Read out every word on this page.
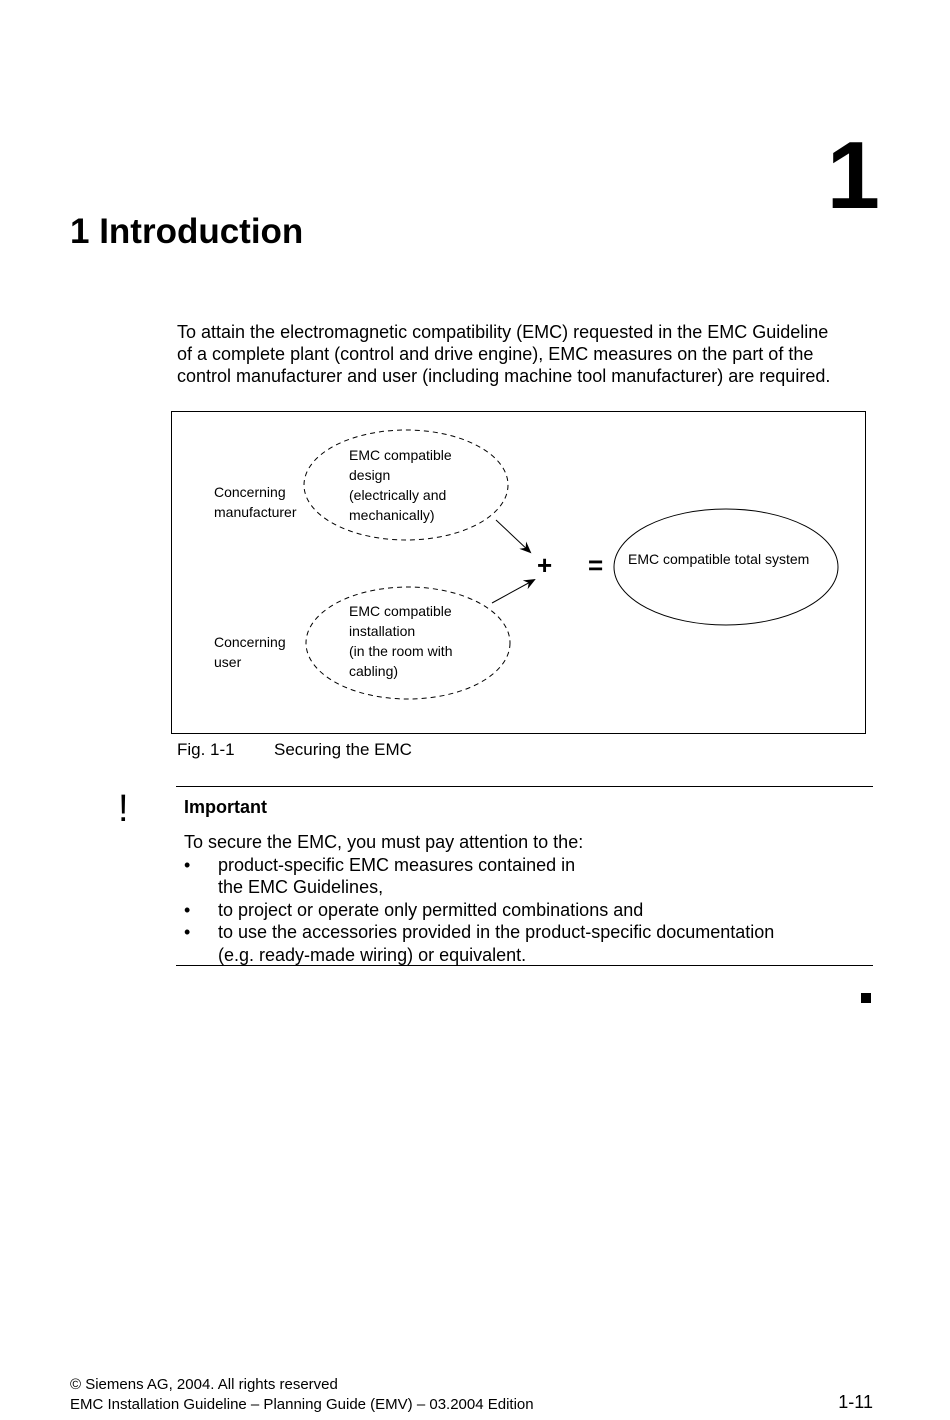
1
1 Introduction
To attain the electromagnetic compatibility (EMC) requested in the EMC Guideline
of a complete plant (control and drive engine), EMC measures on the part of the
control manufacturer and user (including machine tool manufacturer) are required.
Concerning
manufacturer
Concerning
user
EMC compatible
design
(electrically and
mechanically)
EMC compatible
installation
(in the room with
cabling)
+ = EMC compatible total system
Fig. 1-1 Securing the EMC
!	Important
To secure the EMC, you must pay attention to the:
• product-specific EMC measures contained in
the EMC Guidelines,
• to project or operate only permitted combinations and
• to use the accessories provided in the product-specific documentation
(e.g. ready-made wiring) or equivalent.
© Siemens AG, 2004. All rights reserved
EMC Installation Guideline – Planning Guide (EMV) – 03.2004 Edition	1-11
